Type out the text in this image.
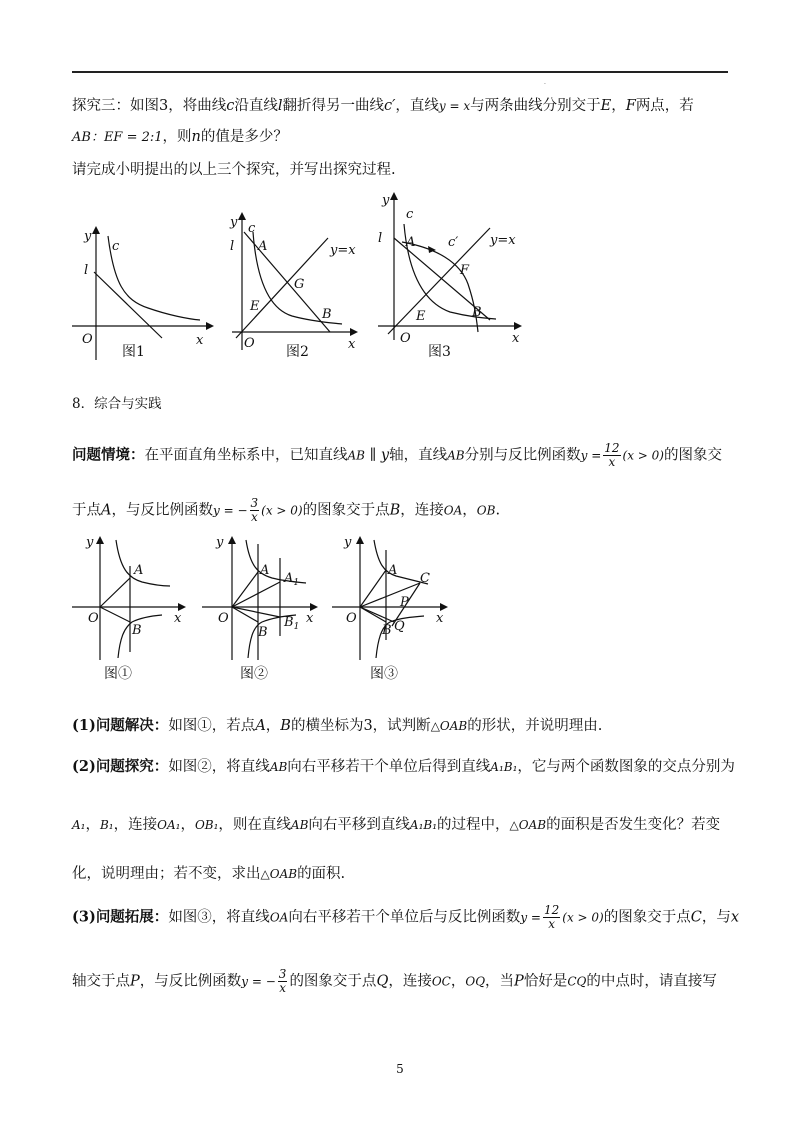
.
探究三：如图3，将曲线c沿直线l翻折得另一曲线c′，直线y = x与两条曲线分别交于E，F两点，若
AB：EF = 2:1，则n的值是多少？
请完成小明提出的以上三个探究，并写出探究过程.
y
c
l
O	x
图1
y c
l A	y=x
G
E
B
O	x
图2
y
c
l A	c′ y=x
F
E	B
O	x
图3
8．综合与实践
问题情境：在平面直角坐标系中，已知直线AB ∥ y轴，直线AB分别与反比例函数$y = \frac{12}{x} (x > 0)$的图象交
于点A，与反比例函数y = − $\frac{3}{x} (x > 0)$的图象交于点B，连接OA，OB.
y
A
O	x
B
图①
y
A
$A_1$
O	x
$B_1$
B
图②
y
A
C
P
O	x
B Q
图③
(1)问题解决：如图①，若点A，B的横坐标为3，试判断△OAB的形状，并说明理由.
(2)问题探究：如图②，将直线AB向右平移若干个单位后得到直线A₁B₁，它与两个函数图象的交点分别为
A₁，B₁，连接OA₁，OB₁，则在直线AB向右平移到直线A₁B₁的过程中，△OAB的面积是否发生变化？若变
化，说明理由；若不变，求出△OAB的面积.
(3)问题拓展：如图③，将直线OA向右平移若干个单位后与反比例函数$y = \frac{12}{x} (x > 0)$的图象交于点C，与x
轴交于点P，与反比例函数y = − $\frac{3}{x}$ 的图象交于点Q，连接OC，OQ，当P恰好是CQ的中点时，请直接写
5
